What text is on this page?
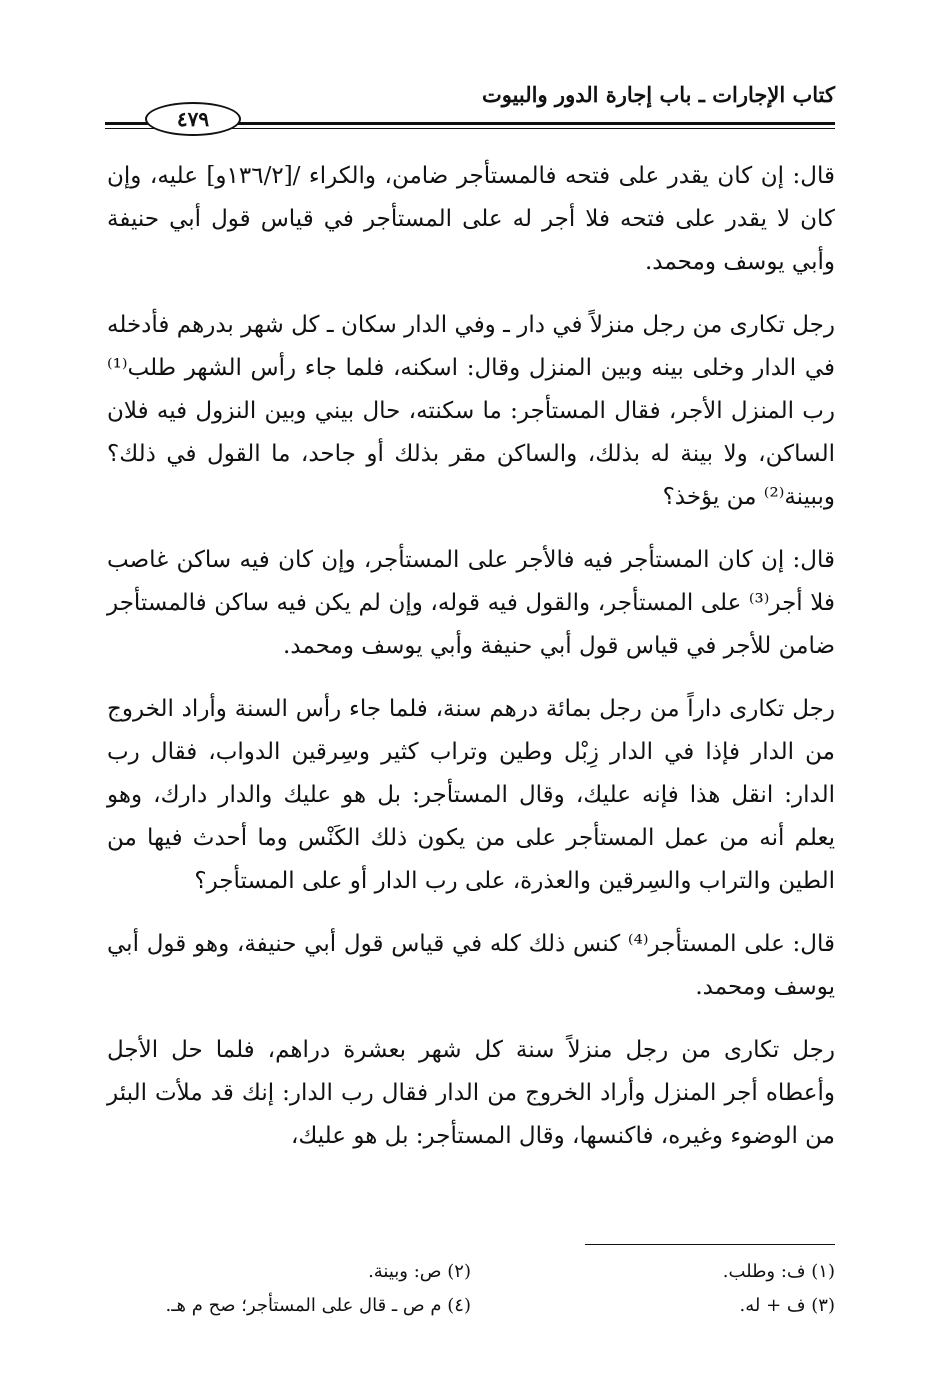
كتاب الإجارات ـ باب إجارة الدور والبيوت
٤٧٩

قال: إن كان يقدر على فتحه فالمستأجر ضامن، والكراء /[١٣٦/٢و] عليه، وإن كان لا يقدر على فتحه فلا أجر له على المستأجر في قياس قول أبي حنيفة وأبي يوسف ومحمد.

رجل تكارى من رجل منزلاً في دار ـ وفي الدار سكان ـ كل شهر بدرهم فأدخله في الدار وخلى بينه وبين المنزل وقال: اسكنه، فلما جاء رأس الشهر طلب⁽¹⁾ رب المنزل الأجر، فقال المستأجر: ما سكنته، حال بيني وبين النزول فيه فلان الساكن، ولا بينة له بذلك، والساكن مقر بذلك أو جاحد، ما القول في ذلك؟ وببينة⁽²⁾ من يؤخذ؟

قال: إن كان المستأجر فيه فالأجر على المستأجر، وإن كان فيه ساكن غاصب فلا أجر⁽³⁾ على المستأجر، والقول فيه قوله، وإن لم يكن فيه ساكن فالمستأجر ضامن للأجر في قياس قول أبي حنيفة وأبي يوسف ومحمد.

رجل تكارى داراً من رجل بمائة درهم سنة، فلما جاء رأس السنة وأراد الخروج من الدار فإذا في الدار زِبْل وطين وتراب كثير وسِرقين الدواب، فقال رب الدار: انقل هذا فإنه عليك، وقال المستأجر: بل هو عليك والدار دارك، وهو يعلم أنه من عمل المستأجر على من يكون ذلك الكَنْس وما أحدث فيها من الطين والتراب والسِرقين والعذرة، على رب الدار أو على المستأجر؟

قال: على المستأجر⁽⁴⁾ كنس ذلك كله في قياس قول أبي حنيفة، وهو قول أبي يوسف ومحمد.

رجل تكارى من رجل منزلاً سنة كل شهر بعشرة دراهم، فلما حل الأجل وأعطاه أجر المنزل وأراد الخروج من الدار فقال رب الدار: إنك قد ملأت البئر من الوضوء وغيره، فاكنسها، وقال المستأجر: بل هو عليك،

(١) ف: وطلب.
(٢) ص: وبينة.
(٣) ف + له.
(٤) م ص ـ قال على المستأجر؛ صح م هـ.
